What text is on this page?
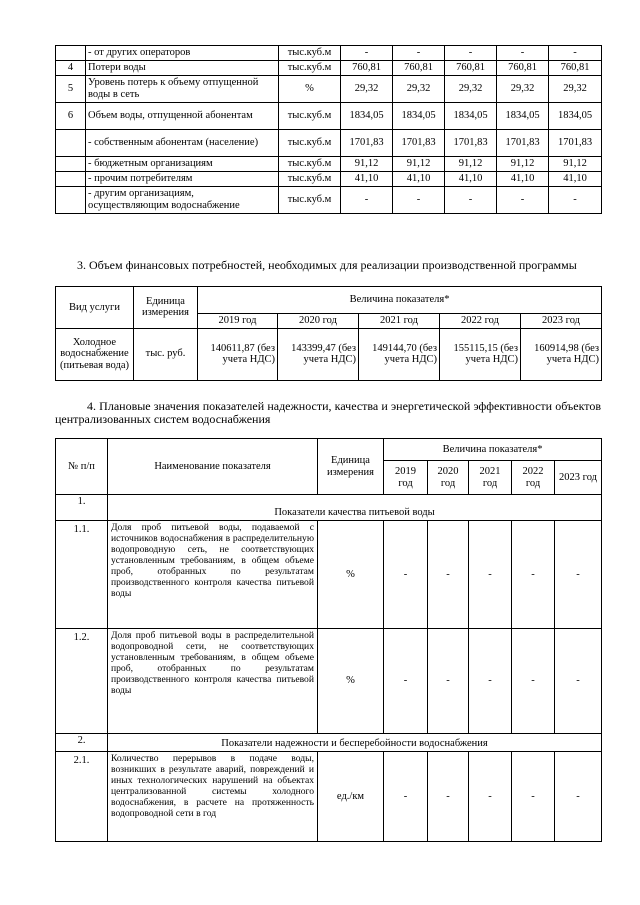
	- от других операторов	тыс.куб.м	-	-	-	-	-
4	Потери воды	тыс.куб.м	760,81	760,81	760,81	760,81	760,81
5	Уровень потерь к объему отпущенной воды в сеть	%	29,32	29,32	29,32	29,32	29,32
6	Объем воды, отпущенной абонентам	тыс.куб.м	1834,05	1834,05	1834,05	1834,05	1834,05
	- собственным абонентам (население)	тыс.куб.м	1701,83	1701,83	1701,83	1701,83	1701,83
	- бюджетным организациям	тыс.куб.м	91,12	91,12	91,12	91,12	91,12
	- прочим потребителям	тыс.куб.м	41,10	41,10	41,10	41,10	41,10
	- другим организациям, осуществляющим водоснабжение	тыс.куб.м	-	-	-	-	-
3. Объем финансовых потребностей, необходимых для реализации производственной программы
Вид услуги	Единица измерения	Величина показателя*				
		2019 год	2020 год	2021 год	2022 год	2023 год
Холодное водоснабжение (питьевая вода)	тыс. руб.	140611,87 (без учета НДС)	143399,47 (без учета НДС)	149144,70 (без учета НДС)	155115,15 (без учета НДС)	160914,98 (без учета НДС)
4. Плановые значения показателей надежности, качества и энергетической эффективности объектов централизованных систем водоснабжения
№ п/п	Наименование показателя	Единица измерения	Величина показателя*				
			2019 год	2020 год	2021 год	2022 год	2023 год
1.	Показатели качества питьевой воды						
1.1.	Доля проб питьевой воды, подаваемой с источников водоснабжения в распределительную водопроводную сеть, не соответствующих установленным требованиям, в общем объеме проб, отобранных по результатам производственного контроля качества питьевой воды	%	-	-	-	-	-
1.2.	Доля проб питьевой воды в распределительной водопроводной сети, не соответствующих установленным требованиям, в общем объеме проб, отобранных по результатам производственного контроля качества питьевой воды	%	-	-	-	-	-
2.	Показатели надежности и бесперебойности водоснабжения						
2.1.	Количество перерывов в подаче воды, возникших в результате аварий, повреждений и иных технологических нарушений на объектах централизованной системы холодного водоснабжения, в расчете на протяженность водопроводной сети в год	ед./км	-	-	-	-	-
